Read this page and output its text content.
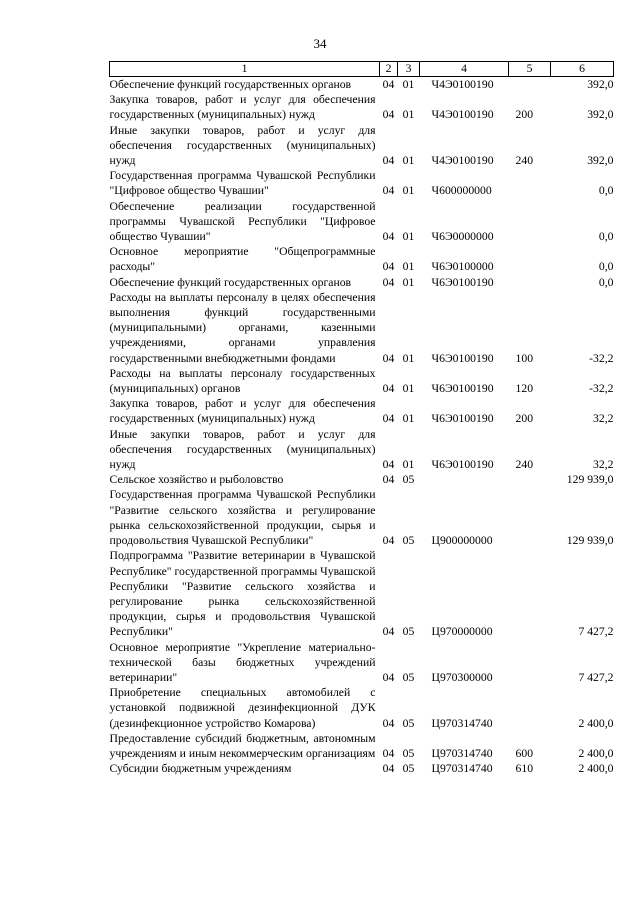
34
1	2	3	4	5	6
Обеспечение функций государственных органов	04	01	Ч4Э0100190		392,0
Закупка товаров, работ и услуг для обеспечения государственных (муниципальных) нужд	04	01	Ч4Э0100190	200	392,0
Иные закупки товаров, работ и услуг для обеспечения государственных (муниципальных) нужд	04	01	Ч4Э0100190	240	392,0
Государственная программа Чувашской Республики "Цифровое общество Чувашии"	04	01	Ч600000000		0,0
Обеспечение реализации государственной программы Чувашской Республики "Цифровое общество Чувашии"	04	01	Ч6Э0000000		0,0
Основное мероприятие "Общепрограммные расходы"	04	01	Ч6Э0100000		0,0
Обеспечение функций государственных органов	04	01	Ч6Э0100190		0,0
Расходы на выплаты персоналу в целях обеспечения выполнения функций государственными (муниципальными) органами, казенными учреждениями, органами управления государственными внебюджетными фондами	04	01	Ч6Э0100190	100	-32,2
Расходы на выплаты персоналу государственных (муниципальных) органов	04	01	Ч6Э0100190	120	-32,2
Закупка товаров, работ и услуг для обеспечения государственных (муниципальных) нужд	04	01	Ч6Э0100190	200	32,2
Иные закупки товаров, работ и услуг для обеспечения государственных (муниципальных) нужд	04	01	Ч6Э0100190	240	32,2
Сельское хозяйство и рыболовство	04	05			129 939,0
Государственная программа Чувашской Республики "Развитие сельского хозяйства и регулирование рынка сельскохозяйственной продукции, сырья и продовольствия Чувашской Республики"	04	05	Ц900000000		129 939,0
Подпрограмма "Развитие ветеринарии в Чувашской Республике" государственной программы Чувашской Республики "Развитие сельского хозяйства и регулирование рынка сельскохозяйственной продукции, сырья и продовольствия Чувашской Республики"	04	05	Ц970000000		7 427,2
Основное мероприятие "Укрепление материально-технической базы бюджетных учреждений ветеринарии"	04	05	Ц970300000		7 427,2
Приобретение специальных автомобилей с установкой подвижной дезинфекционной ДУК (дезинфекционное устройство Комарова)	04	05	Ц970314740		2 400,0
Предоставление субсидий бюджетным, автономным учреждениям и иным некоммерческим организациям	04	05	Ц970314740	600	2 400,0
Субсидии бюджетным учреждениям	04	05	Ц970314740	610	2 400,0
